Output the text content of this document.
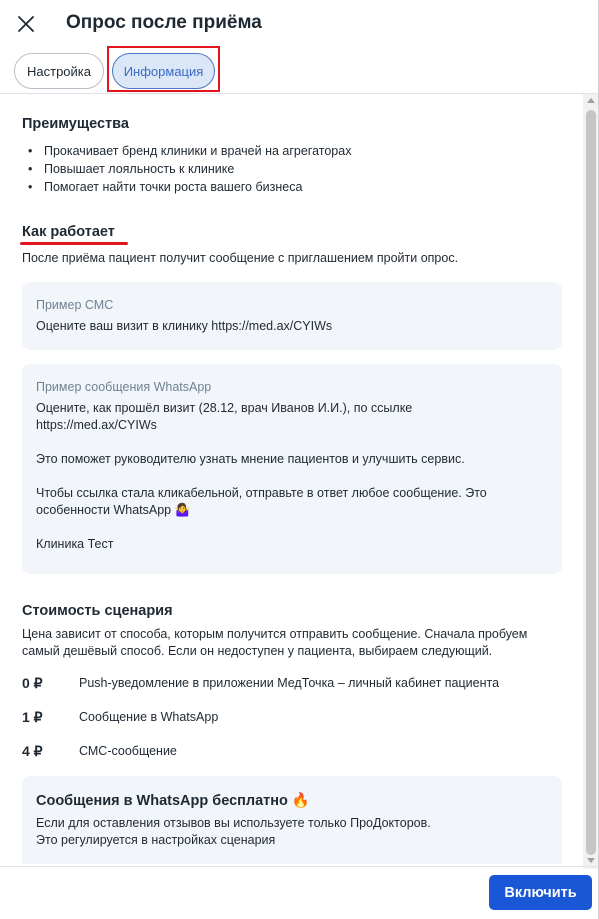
Опрос после приёма
Настройка	Информация
Преимущества
• Прокачивает бренд клиники и врачей на агрегаторах
• Повышает лояльность к клинике
• Помогает найти точки роста вашего бизнеса
Как работает
После приёма пациент получит сообщение с приглашением пройти опрос.
Пример СМС
Оцените ваш визит в клинику https://med.ax/CYIWs
Пример сообщения WhatsApp
Оцените, как прошёл визит (28.12, врач Иванов И.И.), по ссылке
https://med.ax/CYIWs

Это поможет руководителю узнать мнение пациентов и улучшить сервис.

Чтобы ссылка стала кликабельной, отправьте в ответ любое сообщение. Это
особенности WhatsApp 🤷‍♀️

Клиника Тест
Стоимость сценария
Цена зависит от способа, которым получится отправить сообщение. Сначала пробуем
самый дешёвый способ. Если он недоступен у пациента, выбираем следующий.
0 ₽	Push-уведомление в приложении МедТочка – личный кабинет пациента
1 ₽	Сообщение в WhatsApp
4 ₽	СМС-сообщение
Сообщения в WhatsApp бесплатно 🔥
Если для оставления отзывов вы используете только ПроДокторов.
Это регулируется в настройках сценария
Включить
